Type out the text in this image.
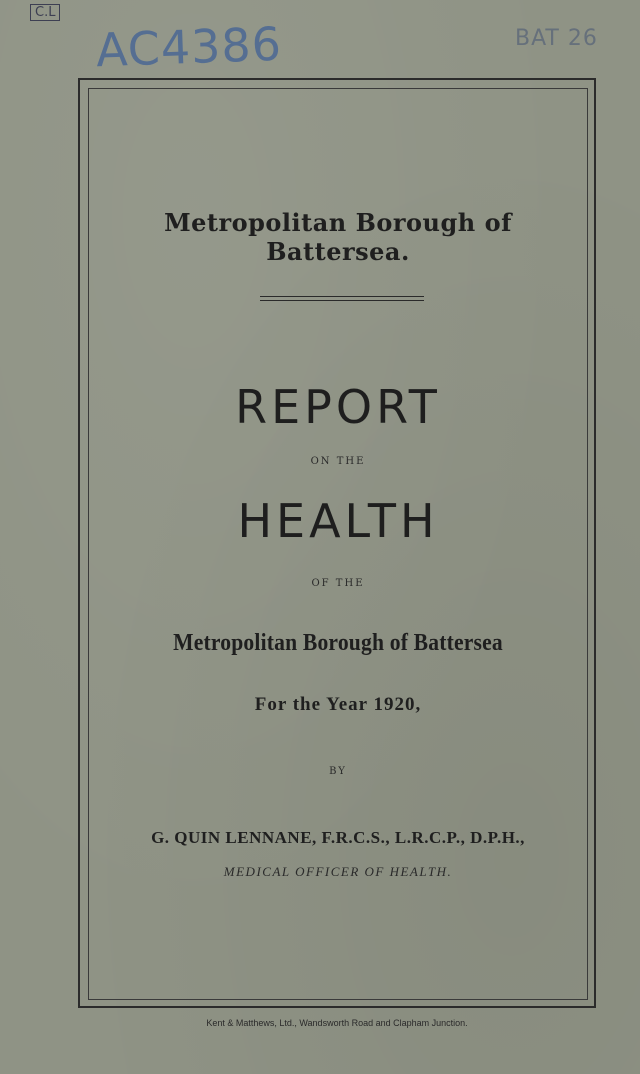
C.L
AC4386	BAT 26
Metropolitan Borough of Battersea.
REPORT
ON THE
HEALTH
OF THE
Metropolitan Borough of Battersea
For the Year 1920,
BY
G. QUIN LENNANE, F.R.C.S., L.R.C.P., D.P.H.,
MEDICAL OFFICER OF HEALTH.
Kent & Matthews, Ltd., Wandsworth Road and Clapham Junction.
